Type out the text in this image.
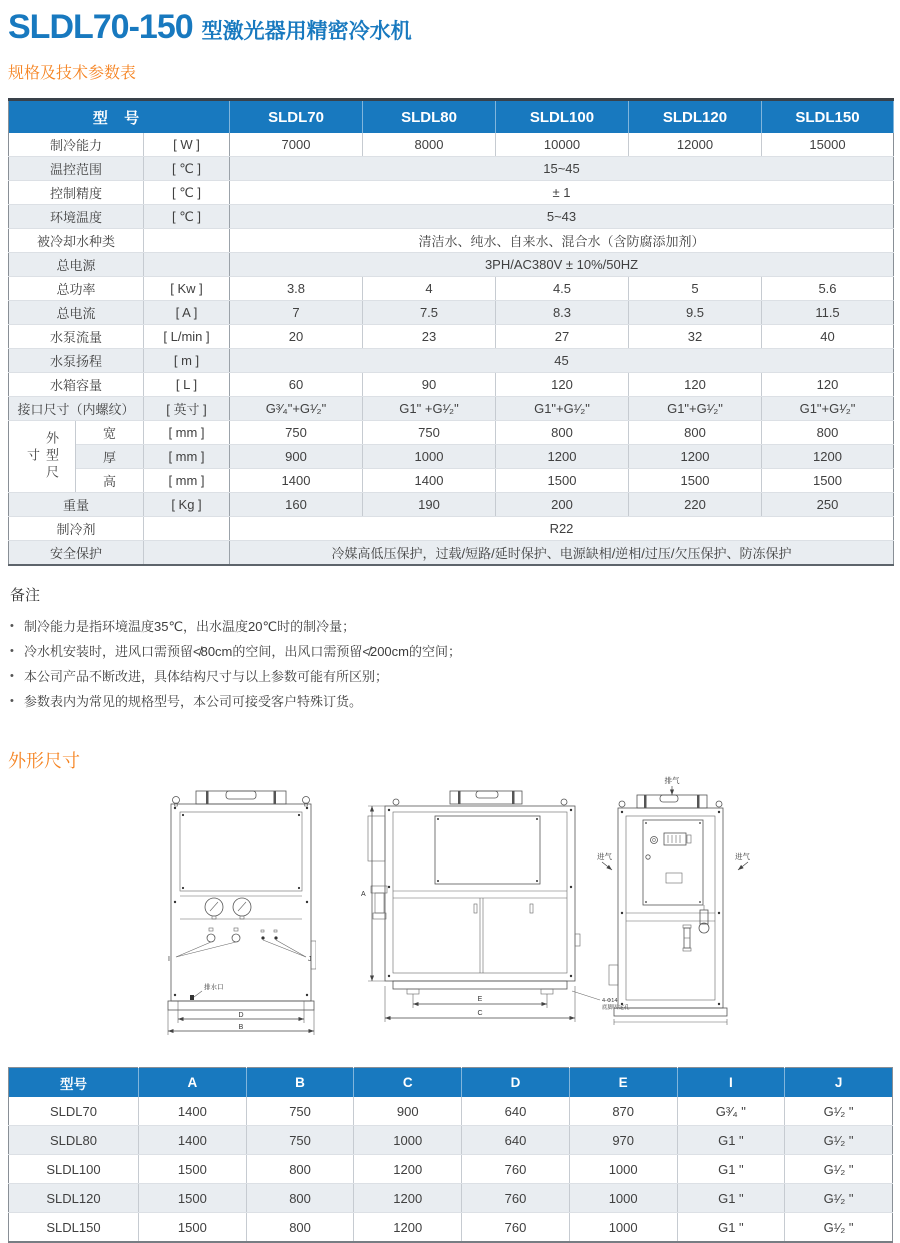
SLDL70-150 型激光器用精密冷水机
规格及技术参数表
型 号			SLDL70	SLDL80	SLDL100	SLDL120	SLDL150
制冷能力		[ W ]	7000	8000	10000	12000	15000
温控范围		[ ℃ ]	15~45				
控制精度		[ ℃ ]	± 1				
环境温度		[ ℃ ]	5~43				
被冷却水种类			清洁水、纯水、自来水、混合水（含防腐添加剂）				
总电源			3PH/AC380V ± 10%/50HZ				
总功率		[ Kw ]	3.8	4	4.5	5	5.6
总电流		[ A ]	7	7.5	8.3	9.5	11.5
水泵流量		[ L/min ]	20	23	27	32	40
水泵扬程		[ m ]	45				
水箱容量		[ L ]	60	90	120	120	120
接口尺寸（内螺纹）		[ 英寸 ]	G³⁄₄"+G¹⁄₂"	G1" +G¹⁄₂"	G1"+G¹⁄₂"	G1"+G¹⁄₂"	G1"+G¹⁄₂"
外型尺寸	宽	[ mm ]	750	750	800	800	800
	厚	[ mm ]	900	1000	1200	1200	1200
	高	[ mm ]	1400	1400	1500	1500	1500
重量		[ Kg ]	160	190	200	220	250
制冷剂			R22				
安全保护			冷媒高低压保护，过载/短路/延时保护、电源缺相/逆相/过压/欠压保护、防冻保护				
备注
• 制冷能力是指环境温度35℃，出水温度20℃时的制冷量；
• 冷水机安装时，进风口需预留≮80cm的空间，出风口需预留≮200cm的空间；
• 本公司产品不断改进，具体结构尺寸与以上参数可能有所区别；
• 参数表内为常见的规格型号，本公司可接受客户特殊订货。
外形尺寸
I	J
排水口
D
B
A
E
C
4-Φ14
底脚固定孔
排气
进气	进气
型号	A	B	C	D	E	I	J
SLDL70	1400	750	900	640	870	G³⁄₄ "	G¹⁄₂ "
SLDL80	1400	750	1000	640	970	G1 "	G¹⁄₂ "
SLDL100	1500	800	1200	760	1000	G1 "	G¹⁄₂ "
SLDL120	1500	800	1200	760	1000	G1 "	G¹⁄₂ "
SLDL150	1500	800	1200	760	1000	G1 "	G¹⁄₂ "
